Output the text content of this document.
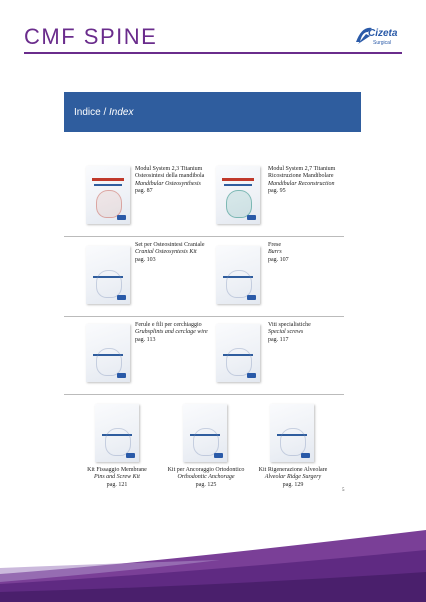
CMF SPINE	Cizeta
Surgical
Indice / Index
Modul System 2,3 Titanium
Osteosintesi della mandibola
Mandibular Osteosynthesis
pag. 87
Modul System 2,7 Titanium
Ricostruzione Mandibolare
Mandibular Reconstruction
pag. 95
Set per Osteosintesi Craniale
Cranial Osteosyntesis Kit
pag. 103
Frese
Burrs
pag. 107
Ferule e fili per cerchiaggio
Grubsplints and cerclage wire
pag. 113
Viti specialistiche
Special screws
pag. 117
Kit Fissaggio Membrane
Pins and Screw Kit
pag. 121
Kit per Ancoraggio Ortodontico
Orthodontic Anchorage
pag. 125
Kit Rigenerazione Alveolare
Alveolar Ridge Surgery
pag. 129
5
